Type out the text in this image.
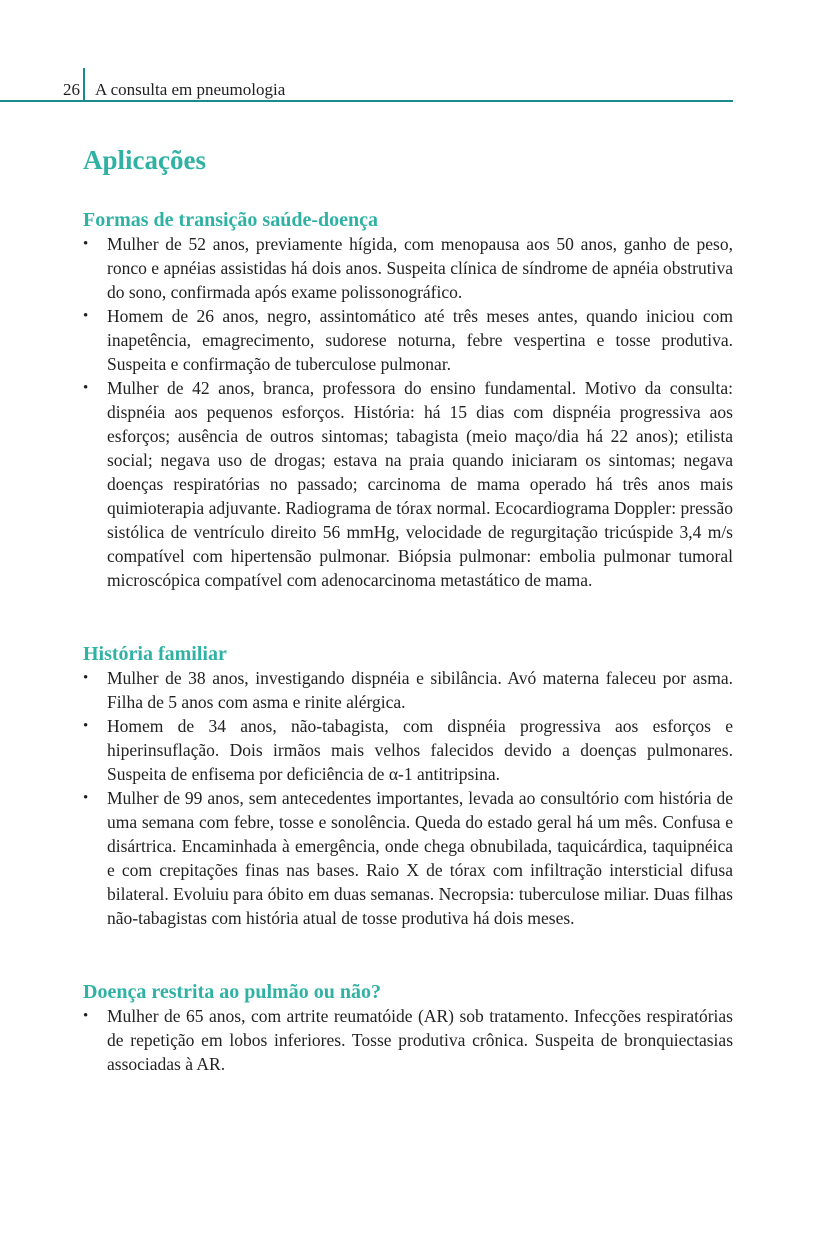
26 A consulta em pneumologia
Aplicações
Formas de transição saúde-doença
•	Mulher de 52 anos, previamente hígida, com menopausa aos 50 anos, ganho de peso, ronco e apnéias assistidas há dois anos. Suspeita clínica de síndrome de apnéia obstrutiva do sono, confirmada após exame polissonográfico.
•	Homem de 26 anos, negro, assintomático até três meses antes, quando iniciou com inapetência, emagrecimento, sudorese noturna, febre vespertina e tosse produtiva. Suspeita e confirmação de tuberculose pulmonar.
•	Mulher de 42 anos, branca, professora do ensino fundamental. Motivo da consulta: dispnéia aos pequenos esforços. História: há 15 dias com dispnéia progressiva aos esforços; ausência de outros sintomas; tabagista (meio maço/dia há 22 anos); etilista social; negava uso de drogas; estava na praia quando iniciaram os sintomas; negava doenças respiratórias no passado; carcinoma de mama operado há três anos mais quimioterapia adjuvante. Radiograma de tórax normal. Ecocardiograma Doppler: pressão sistólica de ventrículo direito 56 mmHg, velocidade de regurgitação tricúspide 3,4 m/s compatível com hipertensão pulmonar. Biópsia pulmonar: embolia pulmonar tumoral microscópica compatível com adenocarcinoma metastático de mama.
História familiar
•	Mulher de 38 anos, investigando dispnéia e sibilância. Avó materna faleceu por asma. Filha de 5 anos com asma e rinite alérgica.
•	Homem de 34 anos, não-tabagista, com dispnéia progressiva aos esforços e hiperinsuflação. Dois irmãos mais velhos falecidos devido a doenças pulmonares. Suspeita de enfisema por deficiência de α-1 antitripsina.
•	Mulher de 99 anos, sem antecedentes importantes, levada ao consultório com história de uma semana com febre, tosse e sonolência. Queda do estado geral há um mês. Confusa e disártrica. Encaminhada à emergência, onde chega obnubilada, taquicárdica, taquipnéica e com crepitações finas nas bases. Raio X de tórax com infiltração intersticial difusa bilateral. Evoluiu para óbito em duas semanas. Necropsia: tuberculose miliar. Duas filhas não-tabagistas com história atual de tosse produtiva há dois meses.
Doença restrita ao pulmão ou não?
•	Mulher de 65 anos, com artrite reumatóide (AR) sob tratamento. Infecções respiratórias de repetição em lobos inferiores. Tosse produtiva crônica. Suspeita de bronquiectasias associadas à AR.
